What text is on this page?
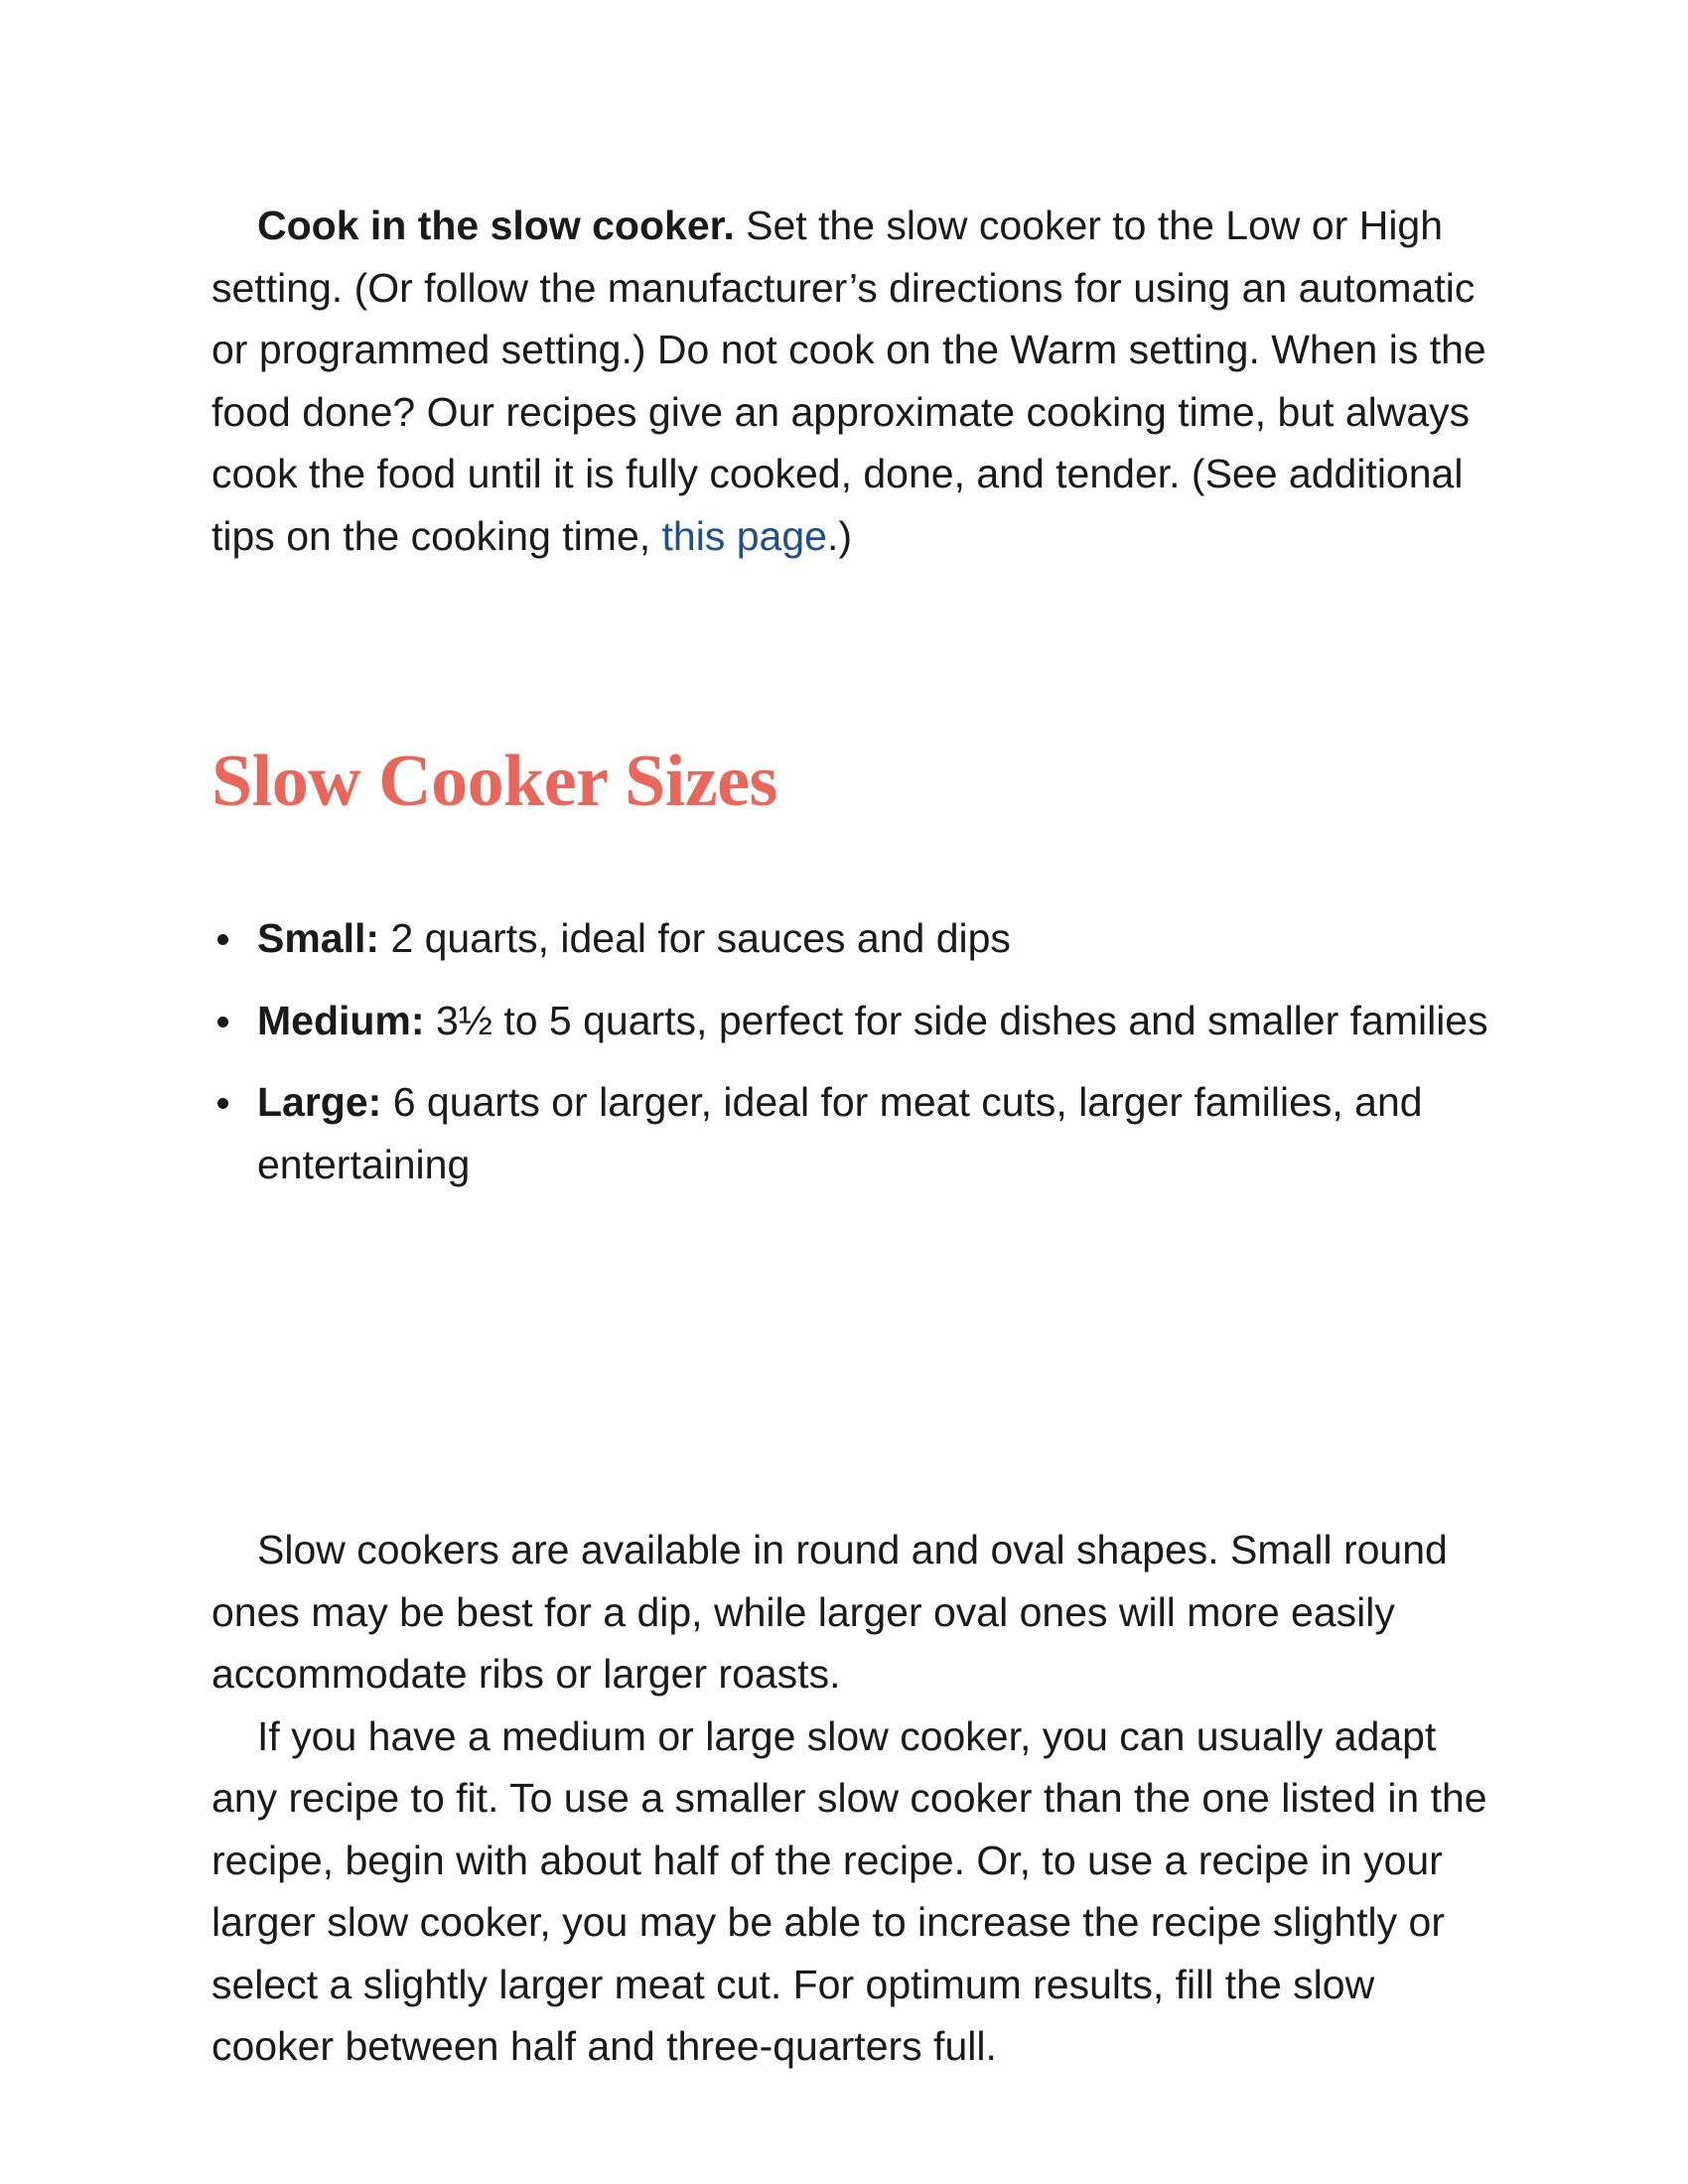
Cook in the slow cooker. Set the slow cooker to the Low or High setting. (Or follow the manufacturer’s directions for using an automatic or programmed setting.) Do not cook on the Warm setting. When is the food done? Our recipes give an approximate cooking time, but always cook the food until it is fully cooked, done, and tender. (See additional tips on the cooking time, this page.)

Slow Cooker Sizes
Small: 2 quarts, ideal for sauces and dips
Medium: 3½ to 5 quarts, perfect for side dishes and smaller families
Large: 6 quarts or larger, ideal for meat cuts, larger families, and entertaining

Slow cookers are available in round and oval shapes. Small round ones may be best for a dip, while larger oval ones will more easily accommodate ribs or larger roasts.

If you have a medium or large slow cooker, you can usually adapt any recipe to fit. To use a smaller slow cooker than the one listed in the recipe, begin with about half of the recipe. Or, to use a recipe in your larger slow cooker, you may be able to increase the recipe slightly or select a slightly larger meat cut. For optimum results, fill the slow cooker between half and three-quarters full.
